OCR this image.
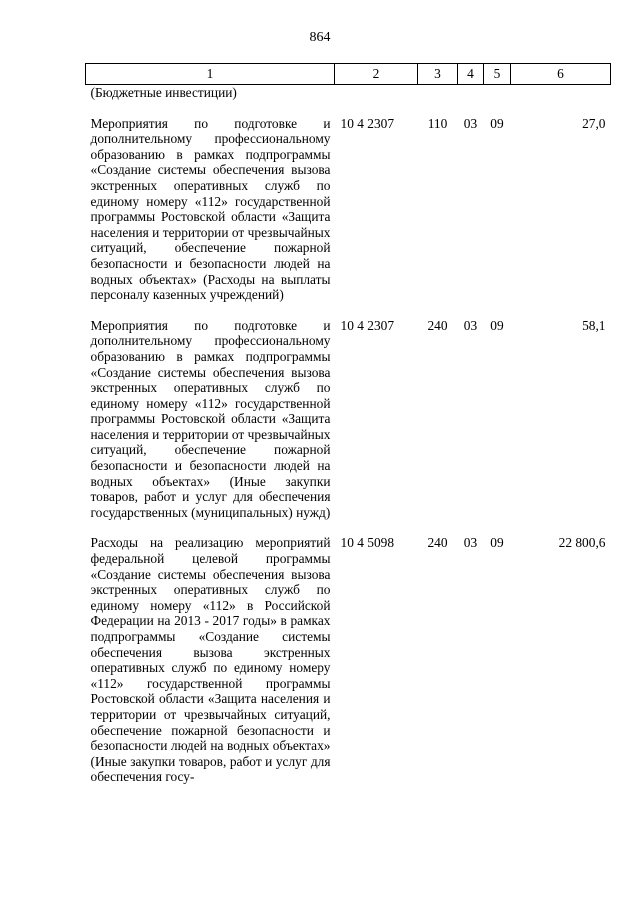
864
1	2	3	4	5	6
(Бюджетные инвестиции)					
Мероприятия по подготовке и дополнительному профессиональному образованию в рамках подпрограммы «Создание системы обеспечения вызова экстренных оперативных служб по единому номеру «112» государственной программы Ростовской области «Защита населения и территории от чрезвычайных ситуаций, обеспечение пожарной безопасности и безопасности людей на водных объектах» (Расходы на выплаты персоналу казенных учреждений)	10 4 2307	110	03	09	27,0
Мероприятия по подготовке и дополнительному профессиональному образованию в рамках подпрограммы «Создание системы обеспечения вызова экстренных оперативных служб по единому номеру «112» государственной программы Ростовской области «Защита населения и территории от чрезвычайных ситуаций, обеспечение пожарной безопасности и безопасности людей на водных объектах» (Иные закупки товаров, работ и услуг для обеспечения государственных (муниципальных) нужд)	10 4 2307	240	03	09	58,1
Расходы на реализацию мероприятий федеральной целевой программы «Создание системы обеспечения вызова экстренных оперативных служб по единому номеру «112» в Российской Федерации на 2013 - 2017 годы» в рамках подпрограммы «Создание системы обеспечения вызова экстренных оперативных служб по единому номеру «112» государственной программы Ростовской области «Защита населения и территории от чрезвычайных ситуаций, обеспечение пожарной безопасности и безопасности людей на водных объектах» (Иные закупки товаров, работ и услуг для обеспечения госу-	10 4 5098	240	03	09	22 800,6
